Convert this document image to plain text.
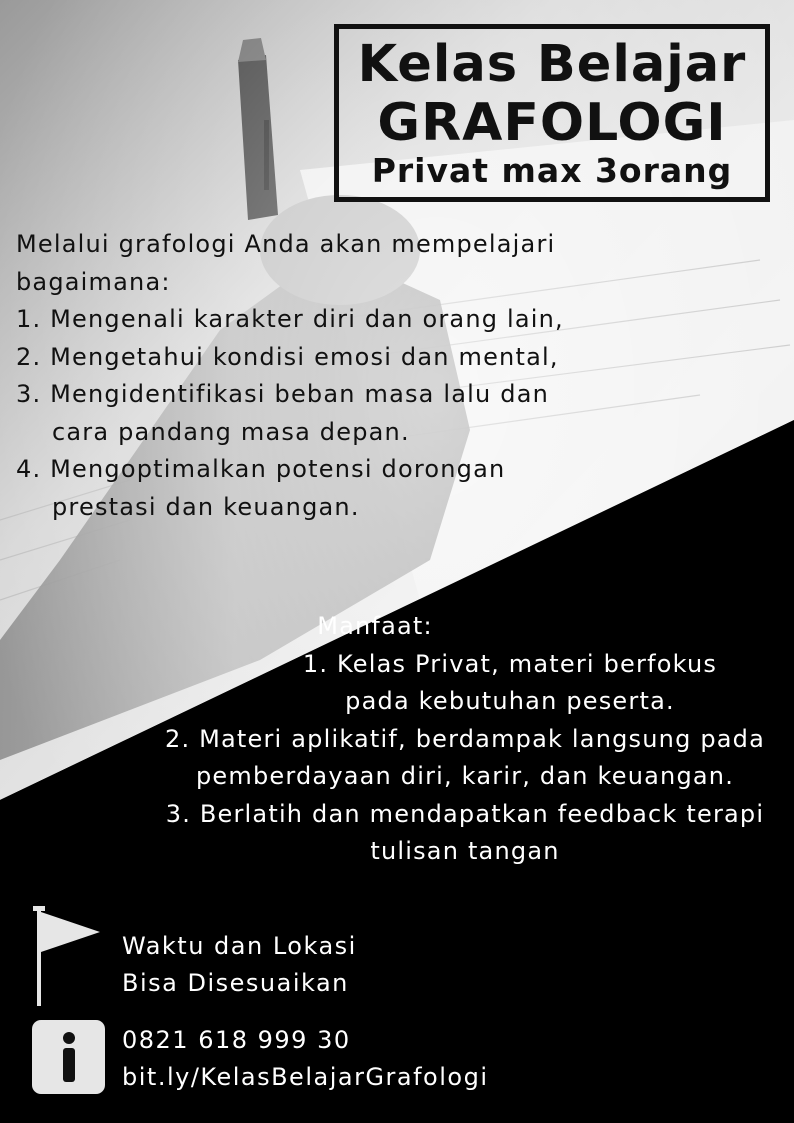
Kelas Belajar
GRAFOLOGI
Privat max 3orang

Melalui grafologi Anda akan mempelajari bagaimana:

1. Mengenali karakter diri dan orang lain,
2. Mengetahui kondisi emosi dan mental,
3. Mengidentifikasi beban masa lalu dan cara pandang masa depan.
4. Mengoptimalkan potensi dorongan prestasi dan keuangan.

Manfaat:

1. Kelas Privat, materi berfokus pada kebutuhan peserta.
2. Materi aplikatif, berdampak langsung pada pemberdayaan diri, karir, dan keuangan.
3. Berlatih dan mendapatkan feedback terapi tulisan tangan
Waktu dan Lokasi
Bisa Disesuaikan
0821 618 999 30
bit.ly/KelasBelajarGrafologi
